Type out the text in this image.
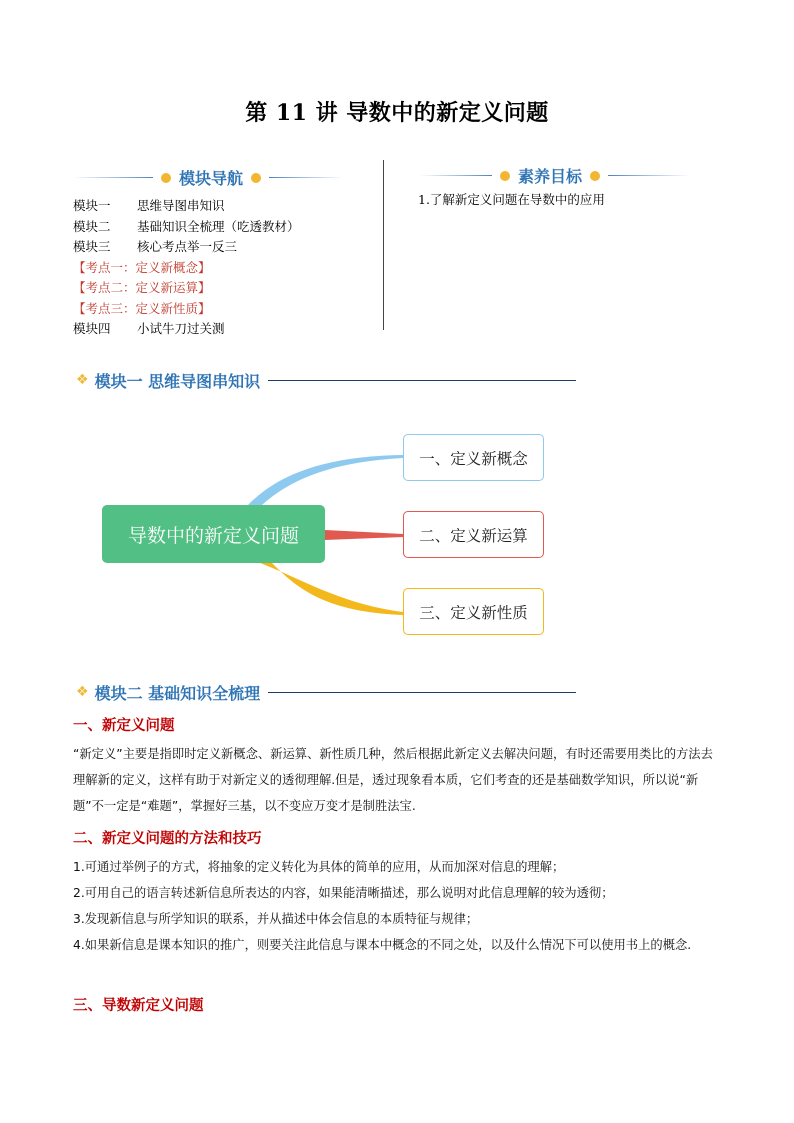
第 11 讲 导数中的新定义问题
模块导航
模块一 思维导图串知识
模块二 基础知识全梳理（吃透教材）
模块三 核心考点举一反三
【考点一：定义新概念】
【考点二：定义新运算】
【考点三：定义新性质】
模块四 小试牛刀过关测
素养目标
1.了解新定义问题在导数中的应用
❖ 模块一 思维导图串知识
导数中的新定义问题
一、定义新概念
二、定义新运算
三、定义新性质
❖ 模块二 基础知识全梳理
一、新定义问题

“新定义”主要是指即时定义新概念、新运算、新性质几种，然后根据此新定义去解决问题，有时还需要用类比的方法去理解新的定义，这样有助于对新定义的透彻理解.但是，透过现象看本质，它们考查的还是基础数学知识，所以说“新题”不一定是“难题”，掌握好三基，以不变应万变才是制胜法宝.

二、新定义问题的方法和技巧

1.可通过举例子的方式，将抽象的定义转化为具体的简单的应用，从而加深对信息的理解；

2.可用自己的语言转述新信息所表达的内容，如果能清晰描述，那么说明对此信息理解的较为透彻；

3.发现新信息与所学知识的联系，并从描述中体会信息的本质特征与规律；

4.如果新信息是课本知识的推广，则要关注此信息与课本中概念的不同之处，以及什么情况下可以使用书上的概念.

三、导数新定义问题
